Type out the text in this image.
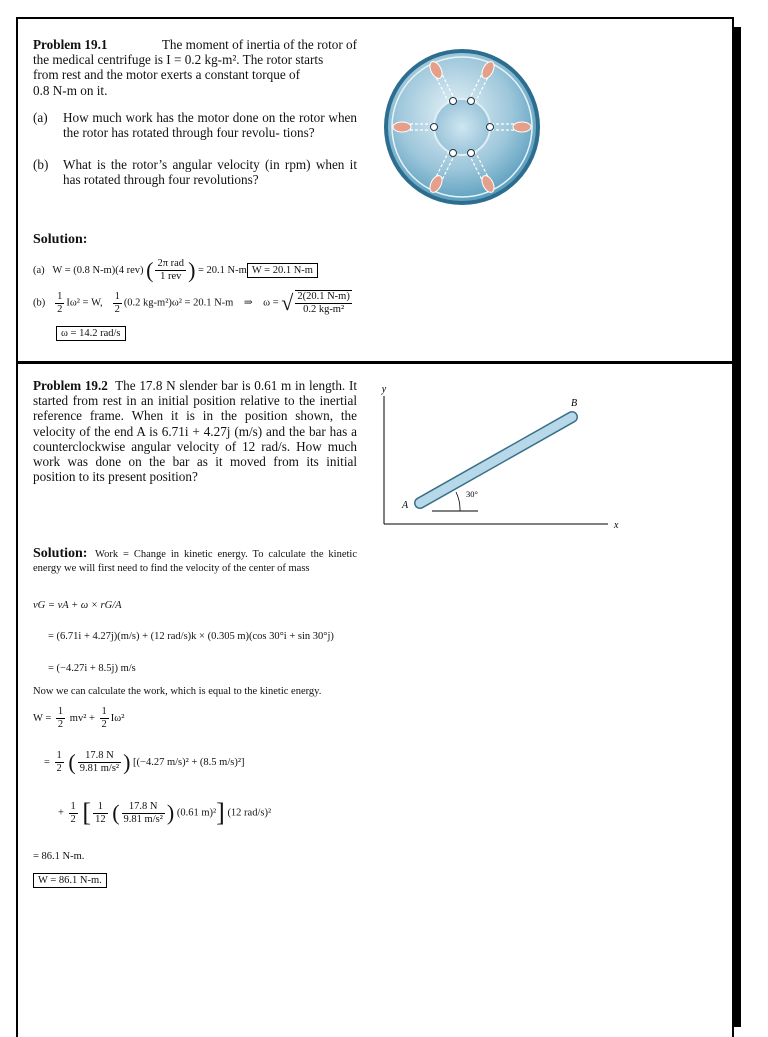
Problem 19.1	The moment of inertia of the rotor of
the medical centrifuge is I = 0.2 kg-m². The rotor starts
from rest and the motor exerts a constant torque of
0.8 N-m on it.
(a) How much work has the motor done on the rotor when the rotor has rotated through four revolu- tions?
(b) What is the rotor’s angular velocity (in rpm) when it has rotated through four revolutions?
Solution:
(a) W = (0.8 N-m)(4 rev) ( $\frac{\text{2π rad}}{\text{1 rev}}$ ) = 20.1 N-m W = 20.1 N-m
$(b) \frac{1}{2} I\omega^2 = W$, $\frac{1}{2} (0.2$ kg-m²)ω² = 20.1 N-m ⇒ ω = √ $\frac{2(20.1 N-m)}{\text{0.2 kg-m²}}$
ω = 14.2 rad/s
Problem 19.2 The 17.8 N slender bar is 0.61 m in length. It started from rest in an initial position relative to the inertial reference frame. When it is in the position shown, the velocity of the end A is 6.71i + 4.27j (m/s) and the bar has a counterclockwise angular velocity of 12 rad/s. How much work was done on the bar as it moved from its initial position to its present position?
y
x
A
B
30°
Solution: Work = Change in kinetic energy. To calculate the kinetic energy we will first need to find the velocity of the center of mass
vG = vA + ω × rG/A
= (6.71i + 4.27j)(m/s) + (12 rad/s)k × (0.305 m)(cos 30°i + sin 30°j)
= (−4.27i + 8.5j) m/s
Now we can calculate the work, which is equal to the kinetic energy.
$W = \frac{1}{2} mv^2 + \frac{1}{2} I\omega^2$
= $\frac{1}{2}$ ( $\frac{17.8 N}{\text{9.81 m/s²}}$ ) [(−4.27 m/s)² + (8.5 m/s)²]
+ $\frac{1}{2}$ [ $\frac{1}{12}$ ( $\frac{17.8 N}{\text{9.81 m/s²}}$ ) (0.61 m)²] (12 rad/s)²
= 86.1 N-m.
W = 86.1 N-m.
